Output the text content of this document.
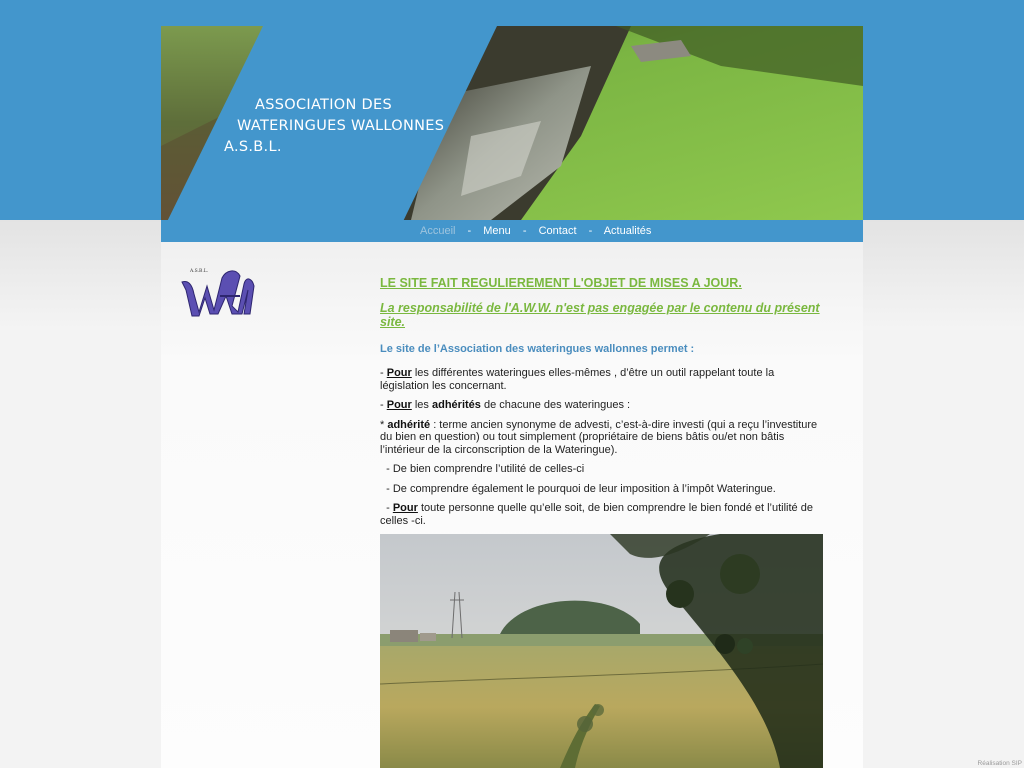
ASSOCIATION DES
WATERINGUES WALLONNES
A.S.B.L.
Accueil - Menu - Contact - Actualités
A.S.B.L.

LE SITE FAIT REGULIEREMENT L'OBJET DE MISES A JOUR.

La responsabilité de l'A.W.W. n'est pas engagée par le contenu du présent site.

Le site de l’Association des wateringues wallonnes permet :

- Pour les différentes wateringues elles-mêmes , d’être un outil rappelant toute la législation les concernant.

- Pour les adhérités de chacune des wateringues :

* adhérité : terme ancien synonyme de advesti, c’est-à-dire investi (qui a reçu l’investiture du bien en question) ou tout simplement (propriétaire de biens bâtis ou/et non bâtis l’intérieur de la circonscription de la Wateringue).

- De bien comprendre l’utilité de celles-ci

- De comprendre également le pourquoi de leur imposition à l’impôt Wateringue.

- Pour toute personne quelle qu’elle soit, de bien comprendre le bien fondé et l’utilité de celles -ci.

Réalisation SIP
